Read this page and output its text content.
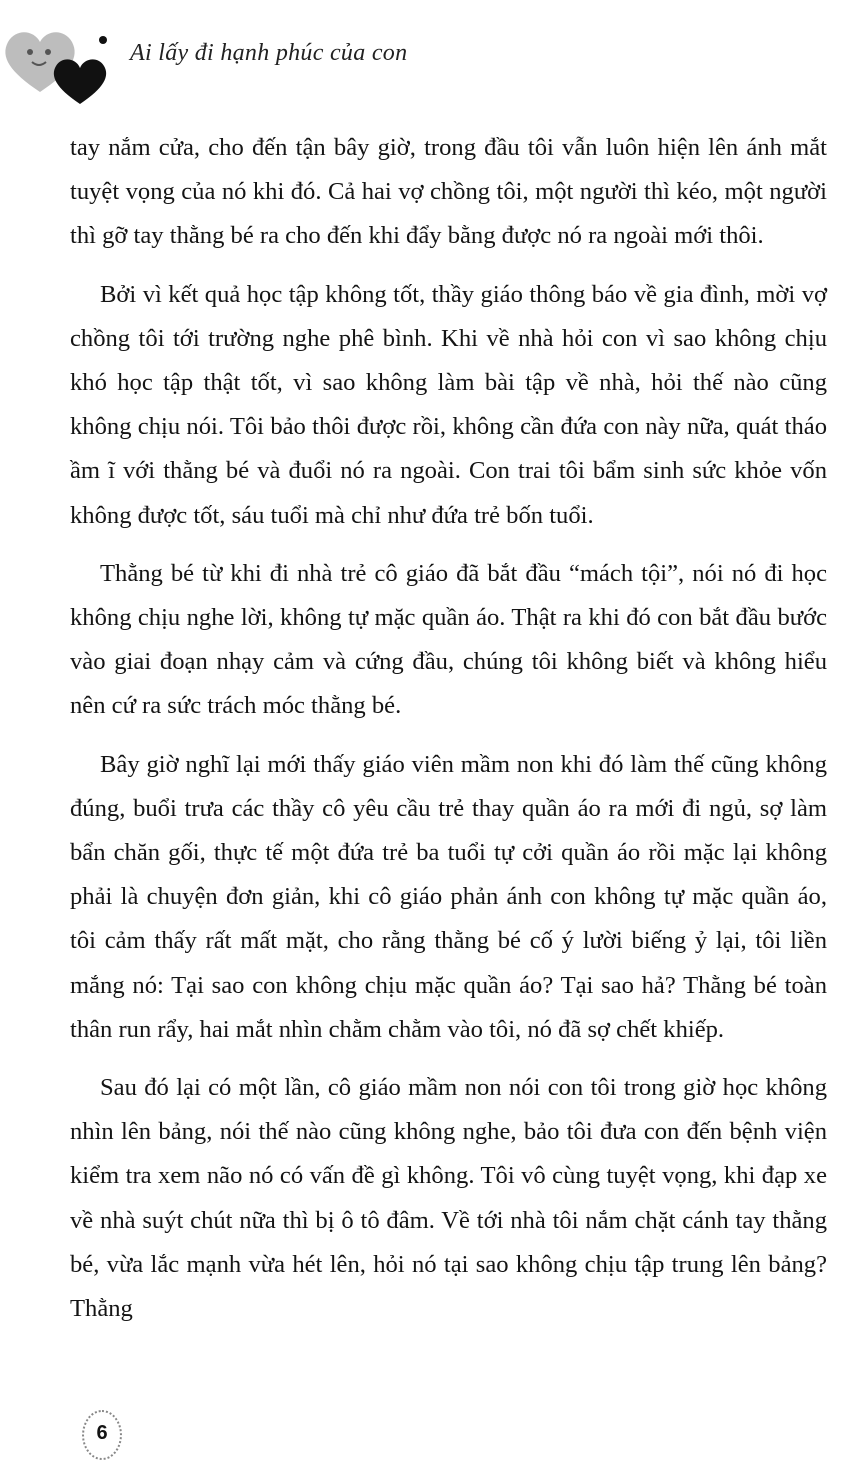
Ai lấy đi hạnh phúc của con

tay nắm cửa, cho đến tận bây giờ, trong đầu tôi vẫn luôn hiện lên ánh mắt tuyệt vọng của nó khi đó. Cả hai vợ chồng tôi, một người thì kéo, một người thì gỡ tay thằng bé ra cho đến khi đẩy bằng được nó ra ngoài mới thôi.

Bởi vì kết quả học tập không tốt, thầy giáo thông báo về gia đình, mời vợ chồng tôi tới trường nghe phê bình. Khi về nhà hỏi con vì sao không chịu khó học tập thật tốt, vì sao không làm bài tập về nhà, hỏi thế nào cũng không chịu nói. Tôi bảo thôi được rồi, không cần đứa con này nữa, quát tháo ầm ĩ với thằng bé và đuổi nó ra ngoài. Con trai tôi bẩm sinh sức khỏe vốn không được tốt, sáu tuổi mà chỉ như đứa trẻ bốn tuổi.

Thằng bé từ khi đi nhà trẻ cô giáo đã bắt đầu “mách tội”, nói nó đi học không chịu nghe lời, không tự mặc quần áo. Thật ra khi đó con bắt đầu bước vào giai đoạn nhạy cảm và cứng đầu, chúng tôi không biết và không hiểu nên cứ ra sức trách móc thằng bé.

Bây giờ nghĩ lại mới thấy giáo viên mầm non khi đó làm thế cũng không đúng, buổi trưa các thầy cô yêu cầu trẻ thay quần áo ra mới đi ngủ, sợ làm bẩn chăn gối, thực tế một đứa trẻ ba tuổi tự cởi quần áo rồi mặc lại không phải là chuyện đơn giản, khi cô giáo phản ánh con không tự mặc quần áo, tôi cảm thấy rất mất mặt, cho rằng thằng bé cố ý lười biếng ỷ lại, tôi liền mắng nó: Tại sao con không chịu mặc quần áo? Tại sao hả? Thằng bé toàn thân run rẩy, hai mắt nhìn chằm chằm vào tôi, nó đã sợ chết khiếp.

Sau đó lại có một lần, cô giáo mầm non nói con tôi trong giờ học không nhìn lên bảng, nói thế nào cũng không nghe, bảo tôi đưa con đến bệnh viện kiểm tra xem não nó có vấn đề gì không. Tôi vô cùng tuyệt vọng, khi đạp xe về nhà suýt chút nữa thì bị ô tô đâm. Về tới nhà tôi nắm chặt cánh tay thằng bé, vừa lắc mạnh vừa hét lên, hỏi nó tại sao không chịu tập trung lên bảng? Thằng

6
